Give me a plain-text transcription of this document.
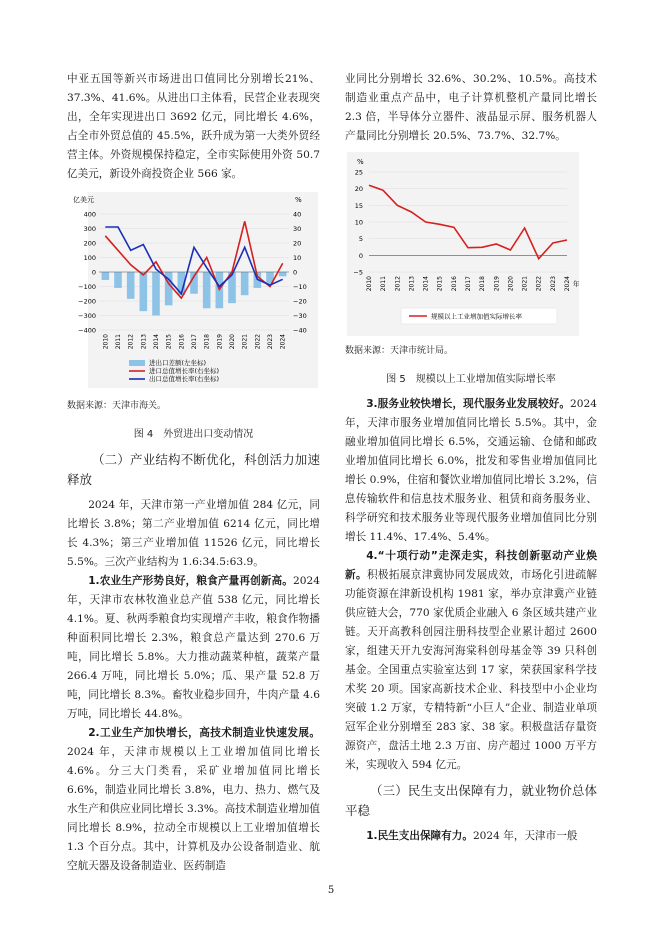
中亚五国等新兴市场进出口值同比分别增长21%、37.3%、41.6%。从进出口主体看，民营企业表现突出，全年实现进出口 3692 亿元，同比增长 4.6%，占全市外贸总值的 45.5%，跃升成为第一大类外贸经营主体。外资规模保持稳定，全市实际使用外资 50.7 亿美元，新设外商投资企业 566 家。

亿美元	%
400
300
200
100
0
−100
−200
−300
−400
40
30
20
10
0
−10
−20
−30
−40
2010 2011 2012 2013 2014 2015 2016 2017 2018 2019 2020 2021 2022 2023 2024
进出口差额(左坐标)
进口总值增长率(右坐标)
出口总值增长率(右坐标)

数据来源：天津市海关。

图 4　外贸进出口变动情况

（二）产业结构不断优化，科创活力加速释放

2024 年，天津市第一产业增加值 284 亿元，同比增长 3.8%；第二产业增加值 6214 亿元，同比增长 4.3%；第三产业增加值 11526 亿元，同比增长 5.5%。三次产业结构为 1.6:34.5:63.9。

1.农业生产形势良好，粮食产量再创新高。2024 年，天津市农林牧渔业总产值 538 亿元，同比增长 4.1%。夏、秋两季粮食均实现增产丰收，粮食作物播种面积同比增长 2.3%，粮食总产量达到 270.6 万吨，同比增长 5.8%。大力推动蔬菜种植，蔬菜产量 266.4 万吨，同比增长 5.0%；瓜、果产量 52.8 万吨，同比增长 8.3%。畜牧业稳步回升，牛肉产量 4.6 万吨，同比增长 44.8%。

2.工业生产加快增长，高技术制造业快速发展。2024 年，天津市规模以上工业增加值同比增长 4.6%。分三大门类看，采矿业增加值同比增长 6.6%，制造业同比增长 3.8%，电力、热力、燃气及水生产和供应业同比增长 3.3%。高技术制造业增加值同比增长 8.9%，拉动全市规模以上工业增加值增长 1.3 个百分点。其中，计算机及办公设备制造业、航空航天器及设备制造业、医药制造

业同比分别增长 32.6%、30.2%、10.5%。高技术制造业重点产品中，电子计算机整机产量同比增长 2.3 倍，半导体分立器件、液晶显示屏、服务机器人产量同比分别增长 20.5%、73.7%、32.7%。

%
25
20
15
10
5
0
−5
2010 2011 2012 2013 2014 2015 2016 2017 2018 2019 2020 2021 2022 2023 2024 年
规模以上工业增加值实际增长率

数据来源：天津市统计局。

图 5　规模以上工业增加值实际增长率

3.服务业较快增长，现代服务业发展较好。2024 年，天津市服务业增加值同比增长 5.5%。其中，金融业增加值同比增长 6.5%，交通运输、仓储和邮政业增加值同比增长 6.0%，批发和零售业增加值同比增长 0.9%，住宿和餐饮业增加值同比增长 3.2%，信息传输软件和信息技术服务业、租赁和商务服务业、科学研究和技术服务业等现代服务业增加值同比分别增长 11.4%、17.4%、5.4%。

4.“十项行动”走深走实，科技创新驱动产业焕新。积极拓展京津冀协同发展成效，市场化引进疏解功能资源在津新设机构 1981 家，举办京津冀产业链供应链大会，770 家优质企业融入 6 条区域共建产业链。天开高教科创园注册科技型企业累计超过 2600 家，组建天开九安海河海棠科创母基金等 39 只科创基金。全国重点实验室达到 17 家，荣获国家科学技术奖 20 项。国家高新技术企业、科技型中小企业均突破 1.2 万家，专精特新“小巨人”企业、制造业单项冠军企业分别增至 283 家、38 家。积极盘活存量资源资产，盘活土地 2.3 万亩、房产超过 1000 万平方米，实现收入 594 亿元。

（三）民生支出保障有力，就业物价总体平稳

1.民生支出保障有力。2024 年，天津市一般

5
